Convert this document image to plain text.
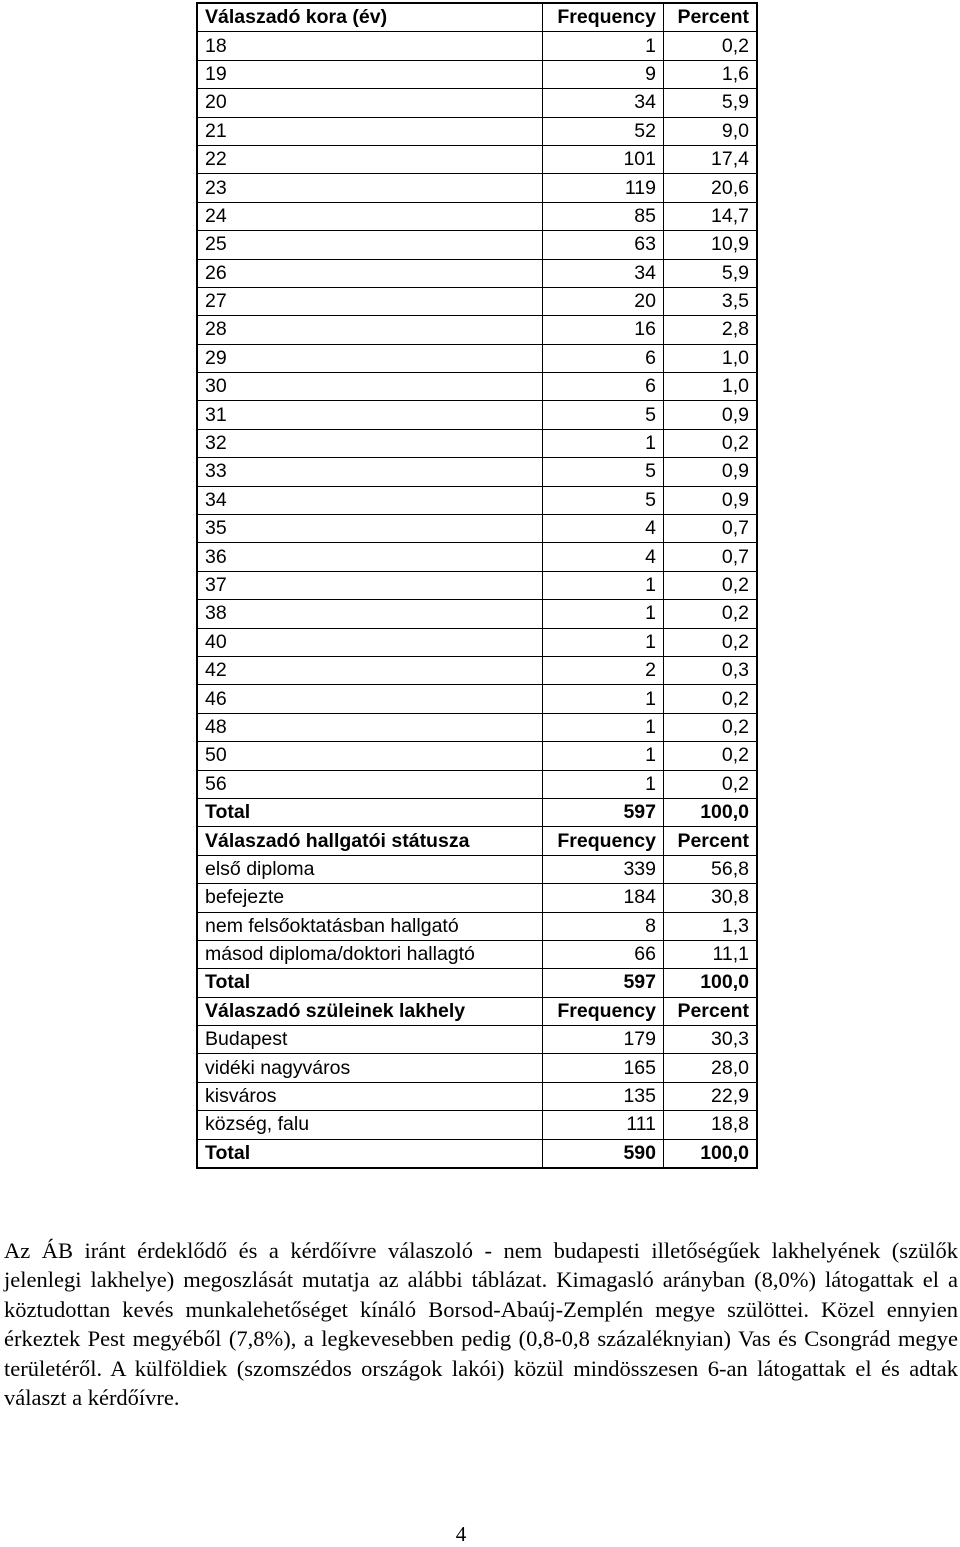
Válaszadó kora (év)	Frequency	Percent
18	1	0,2
19	9	1,6
20	34	5,9
21	52	9,0
22	101	17,4
23	119	20,6
24	85	14,7
25	63	10,9
26	34	5,9
27	20	3,5
28	16	2,8
29	6	1,0
30	6	1,0
31	5	0,9
32	1	0,2
33	5	0,9
34	5	0,9
35	4	0,7
36	4	0,7
37	1	0,2
38	1	0,2
40	1	0,2
42	2	0,3
46	1	0,2
48	1	0,2
50	1	0,2
56	1	0,2
Total	597	100,0
Válaszadó hallgatói státusza	Frequency	Percent
első diploma	339	56,8
befejezte	184	30,8
nem felsőoktatásban hallgató	8	1,3
másod diploma/doktori hallagtó	66	11,1
Total	597	100,0
Válaszadó szüleinek lakhely	Frequency	Percent
Budapest	179	30,3
vidéki nagyváros	165	28,0
kisváros	135	22,9
község, falu	111	18,8
Total	590	100,0

Az ÁB iránt érdeklődő és a kérdőívre válaszoló - nem budapesti illetőségűek lakhelyének (szülők jelenlegi lakhelye) megoszlását mutatja az alábbi táblázat. Kimagasló arányban (8,0%) látogattak el a köztudottan kevés munkalehetőséget kínáló Borsod-Abaúj-Zemplén megye szülöttei. Közel ennyien érkeztek Pest megyéből (7,8%), a legkevesebben pedig (0,8-0,8 százaléknyian) Vas és Csongrád megye területéről. A külföldiek (szomszédos országok lakói) közül mindösszesen 6-an látogattak el és adtak választ a kérdőívre.

4
